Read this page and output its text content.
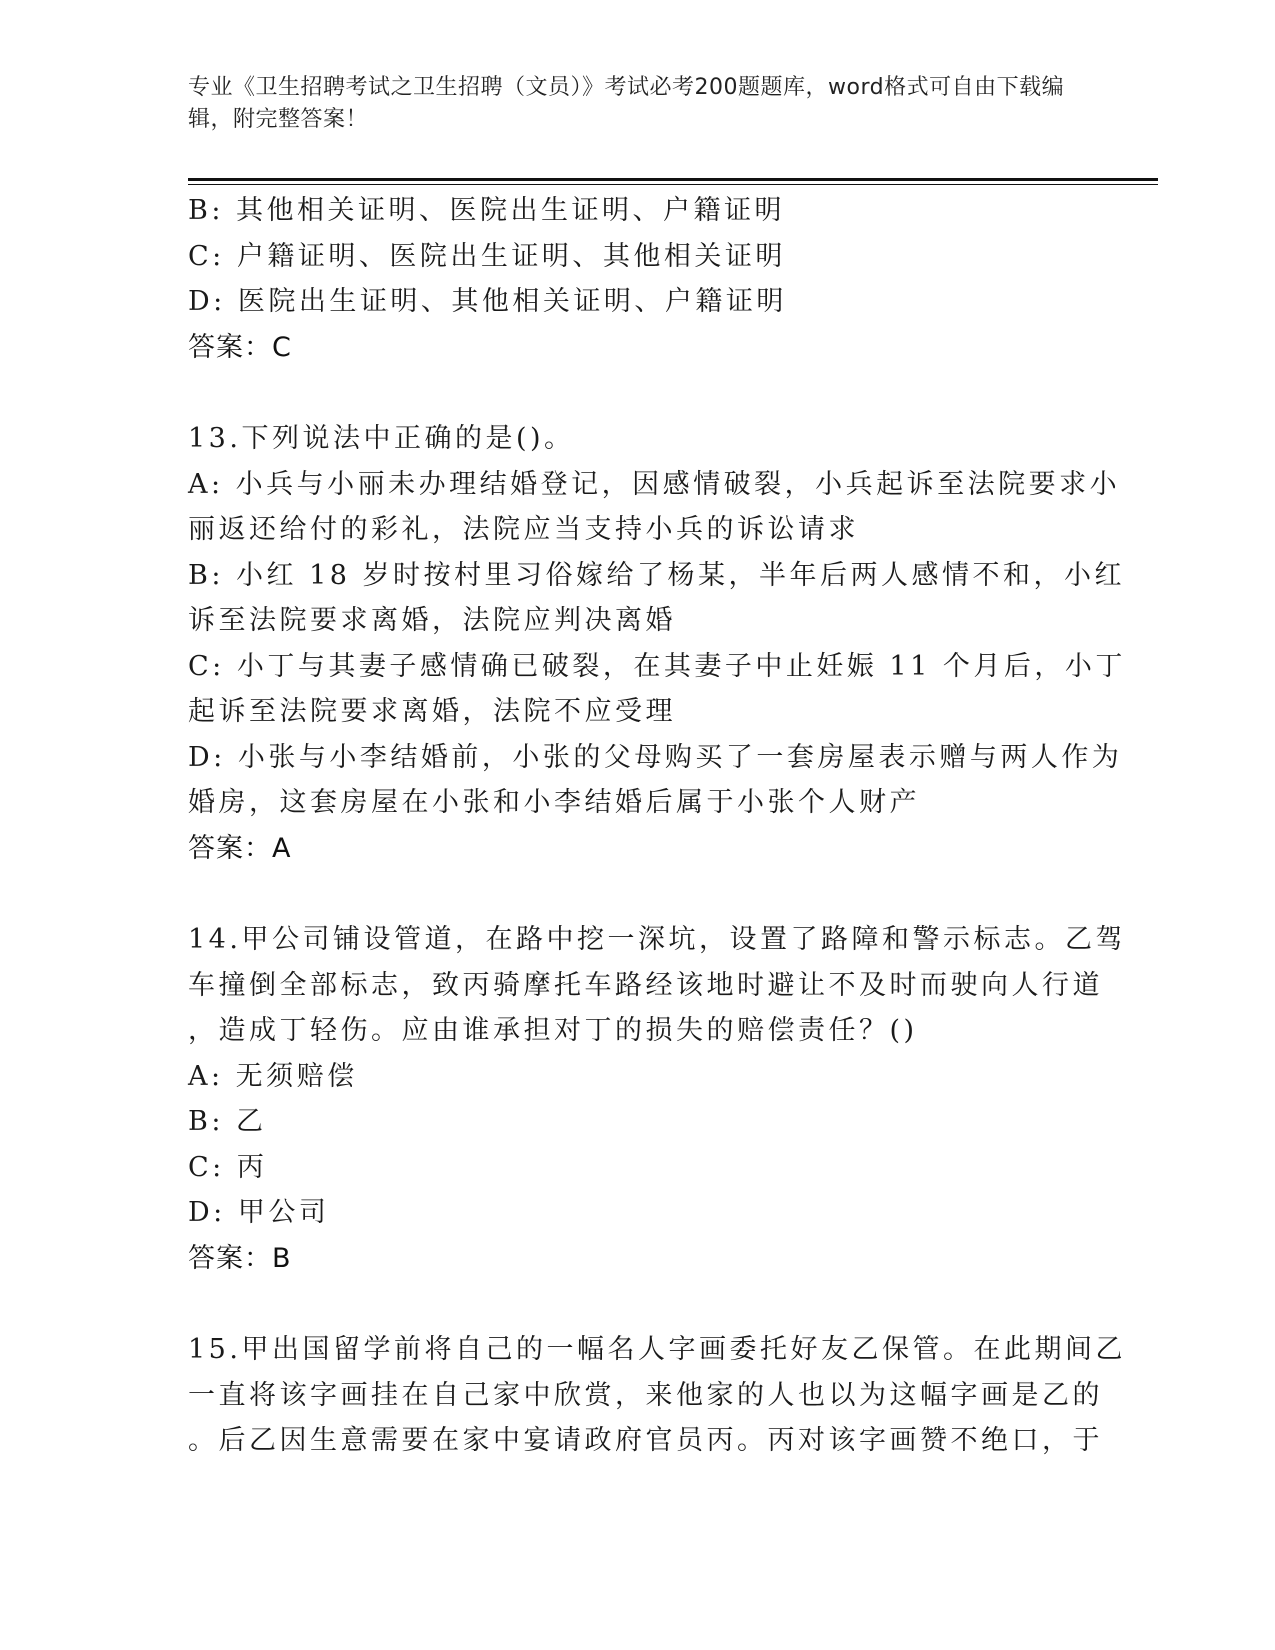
专业《卫生招聘考试之卫生招聘（文员）》考试必考200题题库，word格式可自由下载编辑，附完整答案！
B: 其他相关证明、医院出生证明、户籍证明
C: 户籍证明、医院出生证明、其他相关证明
D: 医院出生证明、其他相关证明、户籍证明
答案：C
13.下列说法中正确的是()。
A: 小兵与小丽未办理结婚登记，因感情破裂，小兵起诉至法院要求小
丽返还给付的彩礼，法院应当支持小兵的诉讼请求
B: 小红 18 岁时按村里习俗嫁给了杨某，半年后两人感情不和，小红
诉至法院要求离婚，法院应判决离婚
C: 小丁与其妻子感情确已破裂，在其妻子中止妊娠 11 个月后，小丁
起诉至法院要求离婚，法院不应受理
D: 小张与小李结婚前，小张的父母购买了一套房屋表示赠与两人作为
婚房，这套房屋在小张和小李结婚后属于小张个人财产
答案：A
14.甲公司铺设管道，在路中挖一深坑，设置了路障和警示标志。乙驾
车撞倒全部标志，致丙骑摩托车路经该地时避让不及时而驶向人行道
，造成丁轻伤。应由谁承担对丁的损失的赔偿责任？()
A: 无须赔偿
B: 乙
C: 丙
D: 甲公司
答案：B
15.甲出国留学前将自己的一幅名人字画委托好友乙保管。在此期间乙
一直将该字画挂在自己家中欣赏，来他家的人也以为这幅字画是乙的
。后乙因生意需要在家中宴请政府官员丙。丙对该字画赞不绝口，于
